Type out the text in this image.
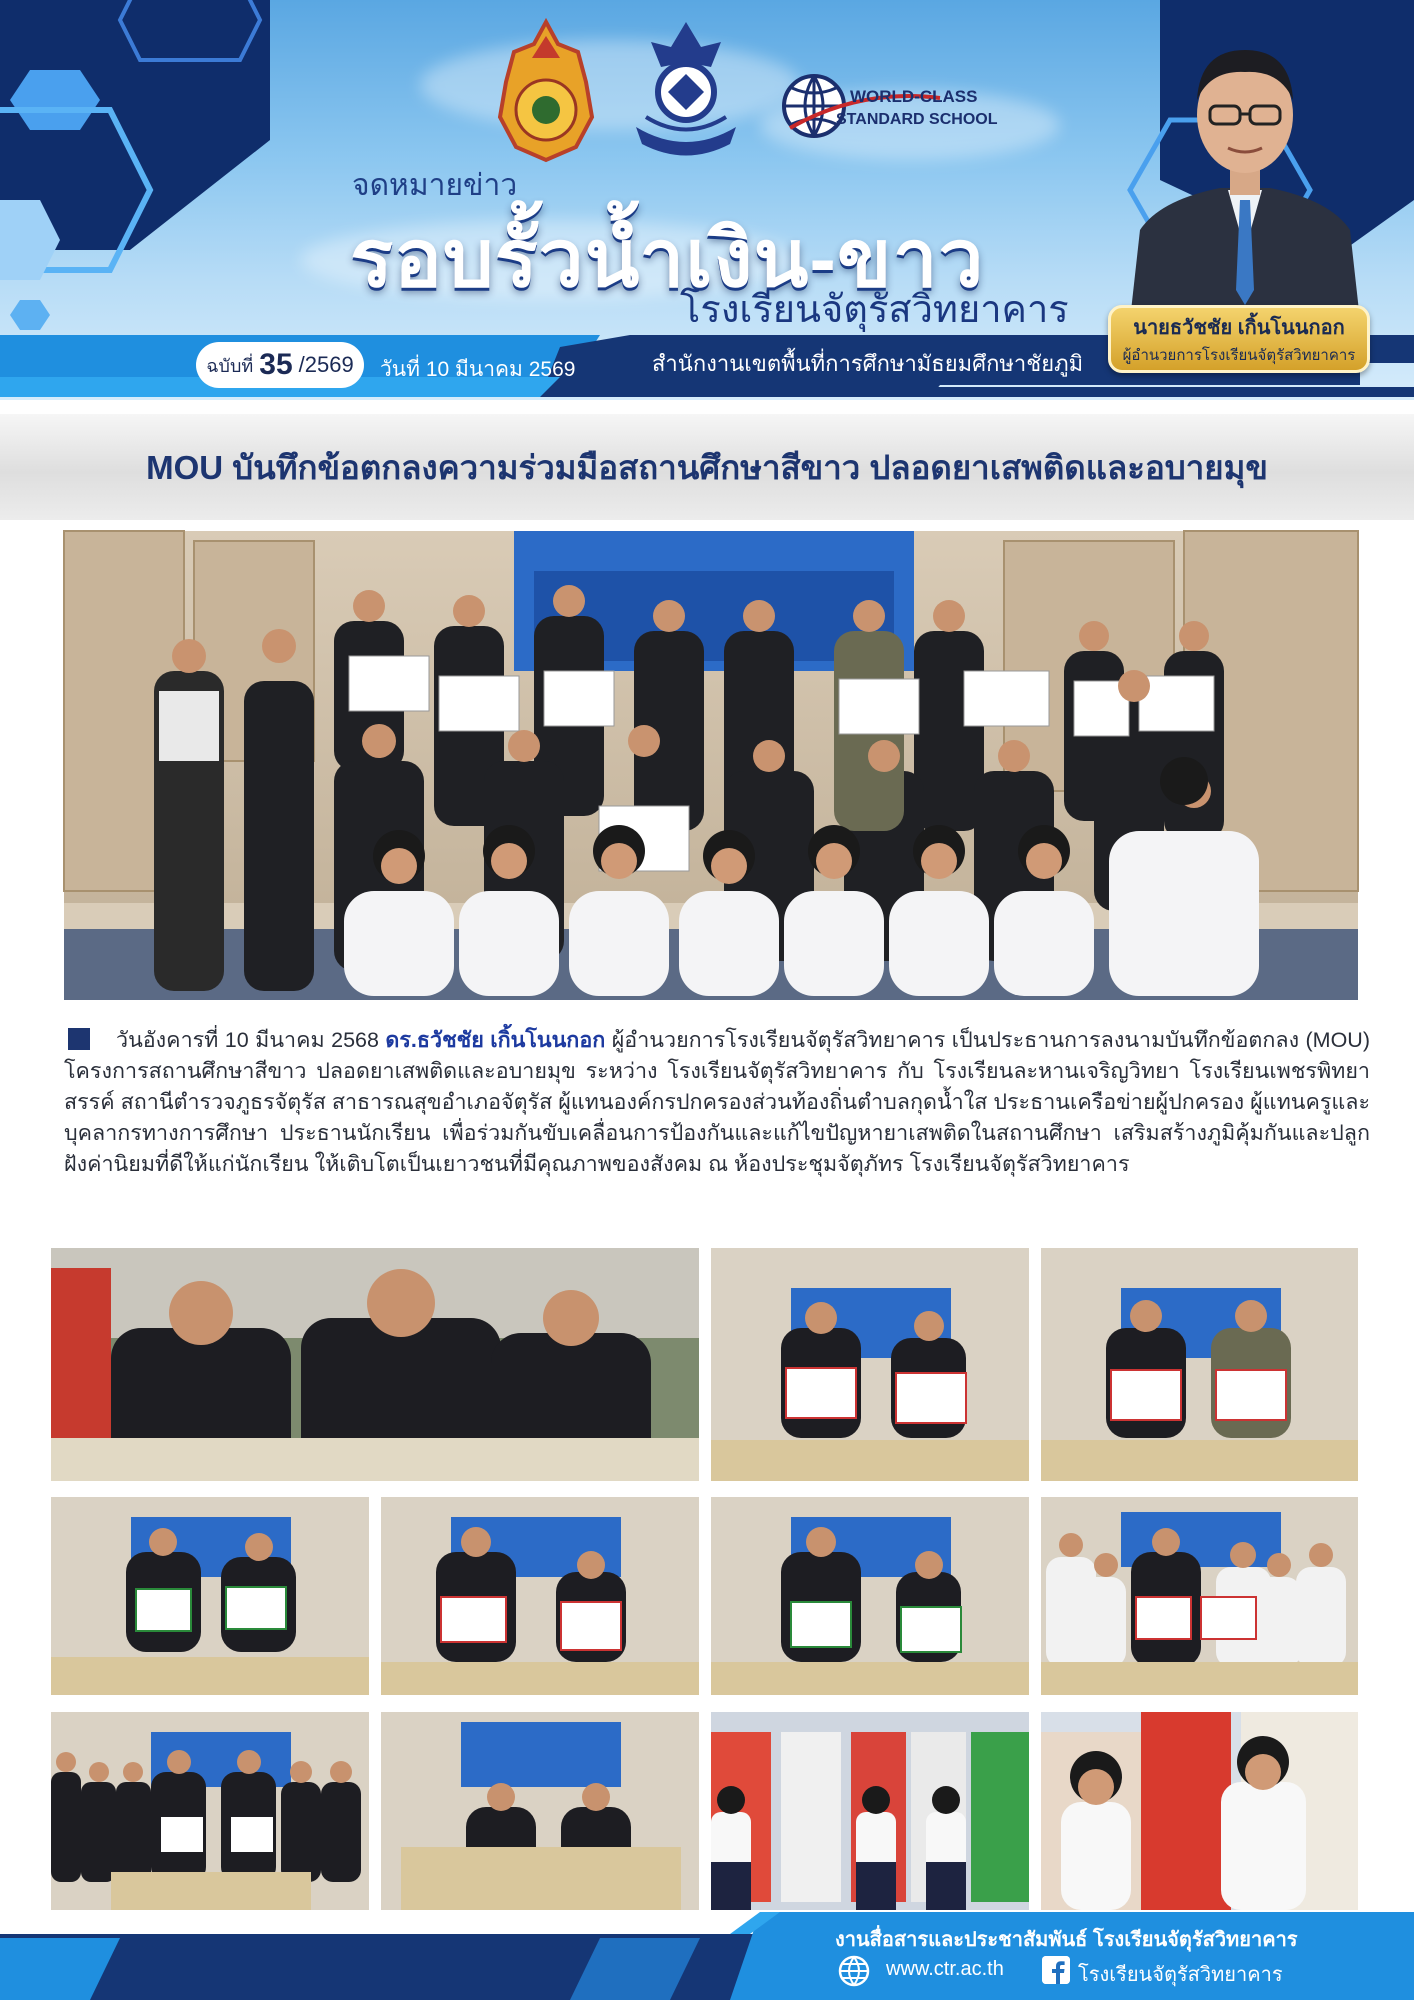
WORLD-CLASS
STANDARD SCHOOL
จดหมายข่าว
รอบรั้วน้ำเงิน-ขาว
โรงเรียนจัตุรัสวิทยาคาร
ฉบับที่ 35 /2569 วันที่ 10 มีนาคม 2569	สำนักงานเขตพื้นที่การศึกษามัธยมศึกษาชัยภูมิ
นายธวัชชัย เกิ้นโนนกอก
ผู้อำนวยการโรงเรียนจัตุรัสวิทยาคาร
MOU บันทึกข้อตกลงความร่วมมือสถานศึกษาสีขาว ปลอดยาเสพติดและอบายมุข
วันอังคารที่ 10 มีนาคม 2568 ดร.ธวัชชัย เกิ้นโนนกอก ผู้อำนวยการโรงเรียนจัตุรัสวิทยาคาร เป็นประธานการลงนามบันทึกข้อตกลง (MOU) โครงการสถานศึกษาสีขาว ปลอดยาเสพติดและอบายมุข ระหว่าง โรงเรียนจัตุรัสวิทยาคาร กับ โรงเรียนละหานเจริญวิทยา โรงเรียนเพชรพิทยาสรรค์ สถานีตำรวจภูธรจัตุรัส สาธารณสุขอำเภอจัตุรัส ผู้แทนองค์กรปกครองส่วนท้องถิ่นตำบลกุดน้ำใส ประธานเครือข่ายผู้ปกครอง ผู้แทนครูและบุคลากรทางการศึกษา ประธานนักเรียน เพื่อร่วมกันขับเคลื่อนการป้องกันและแก้ไขปัญหายาเสพติดในสถานศึกษา เสริมสร้างภูมิคุ้มกันและปลูกฝังค่านิยมที่ดีให้แก่นักเรียน ให้เติบโตเป็นเยาวชนที่มีคุณภาพของสังคม ณ ห้องประชุมจัตุภัทร โรงเรียนจัตุรัสวิทยาคาร
งานสื่อสารและประชาสัมพันธ์ โรงเรียนจัตุรัสวิทยาคาร
www.ctr.ac.th	โรงเรียนจัตุรัสวิทยาคาร
